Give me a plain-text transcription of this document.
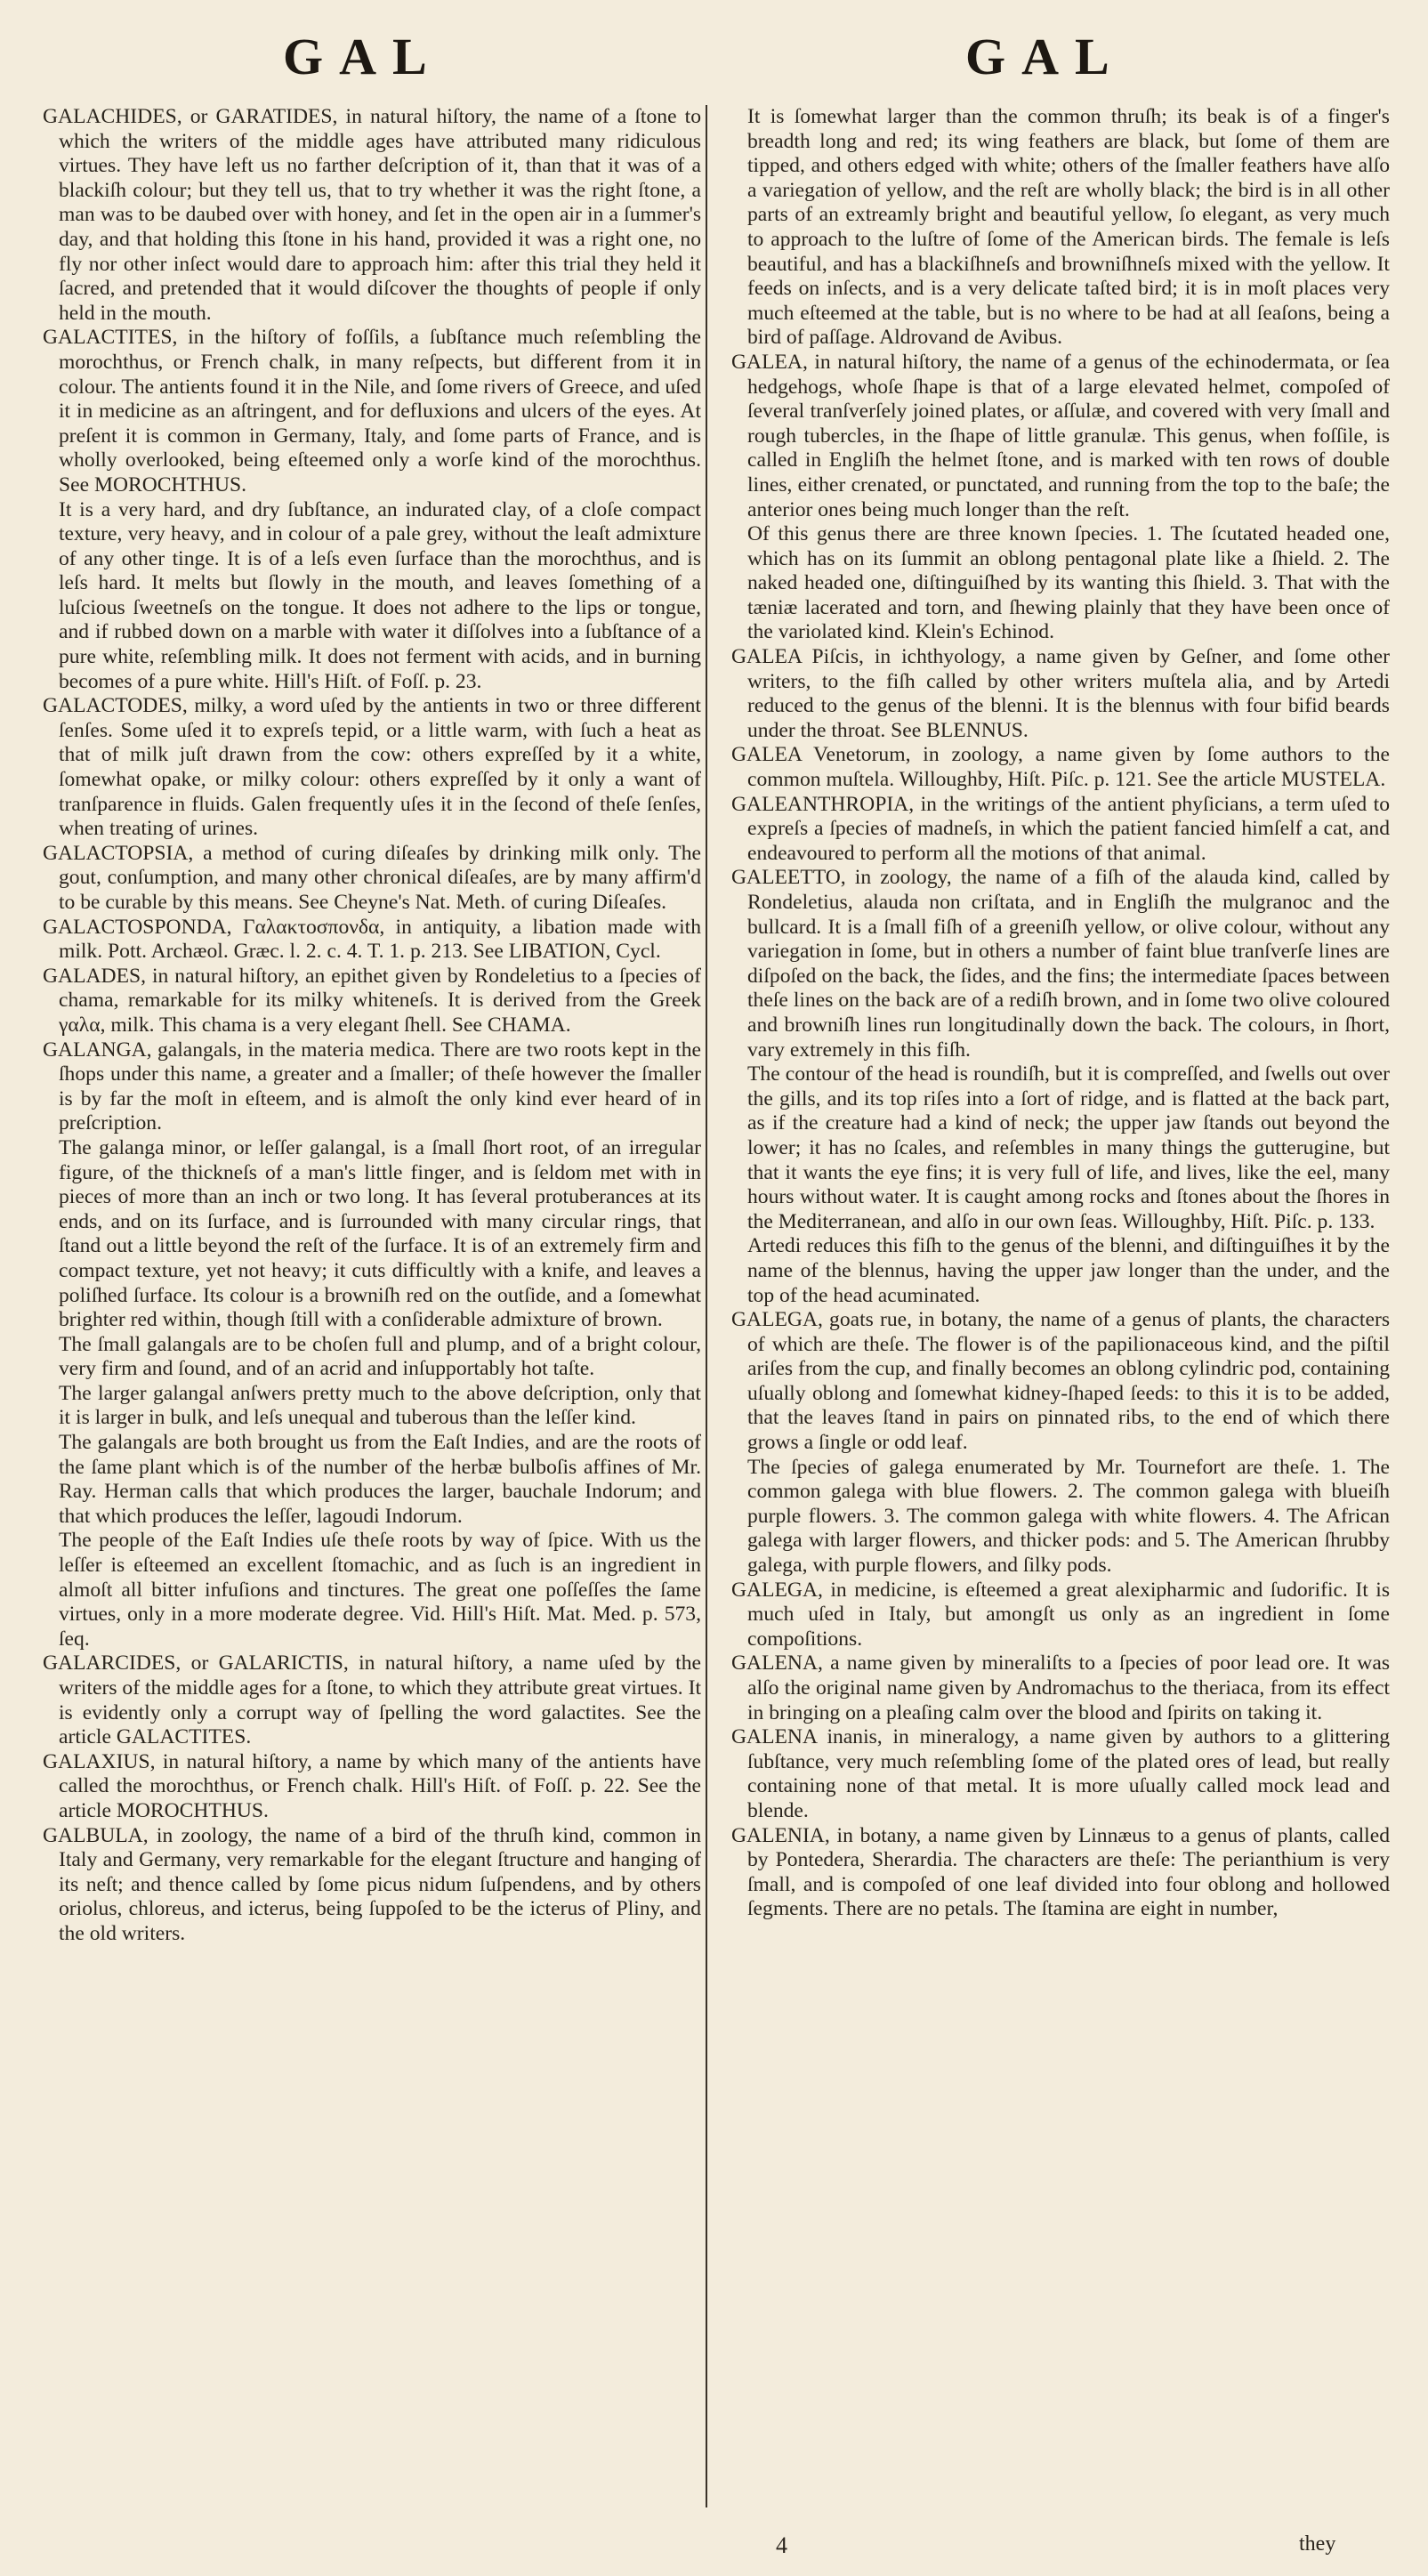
GAL	GAL

GALACHIDES, or GARATIDES, in natural hiſtory, the name of a ſtone to which the writers of the middle ages have attributed many ridiculous virtues. They have left us no farther deſcription of it, than that it was of a blackiſh colour; but they tell us, that to try whether it was the right ſtone, a man was to be daubed over with honey, and ſet in the open air in a ſummer's day, and that holding this ſtone in his hand, provided it was a right one, no fly nor other inſect would dare to approach him: after this trial they held it ſacred, and pretended that it would diſcover the thoughts of people if only held in the mouth.

GALACTITES, in the hiſtory of foſſils, a ſubſtance much reſembling the morochthus, or French chalk, in many reſpects, but different from it in colour. The antients found it in the Nile, and ſome rivers of Greece, and uſed it in medicine as an aſtringent, and for defluxions and ulcers of the eyes. At preſent it is common in Germany, Italy, and ſome parts of France, and is wholly overlooked, being eſteemed only a worſe kind of the morochthus. See MOROCHTHUS.

It is a very hard, and dry ſubſtance, an indurated clay, of a cloſe compact texture, very heavy, and in colour of a pale grey, without the leaſt admixture of any other tinge. It is of a leſs even ſurface than the morochthus, and is leſs hard. It melts but ſlowly in the mouth, and leaves ſomething of a luſcious ſweetneſs on the tongue. It does not adhere to the lips or tongue, and if rubbed down on a marble with water it diſſolves into a ſubſtance of a pure white, reſembling milk. It does not ferment with acids, and in burning becomes of a pure white. Hill's Hiſt. of Foſſ. p. 23.

GALACTODES, milky, a word uſed by the antients in two or three different ſenſes. Some uſed it to expreſs tepid, or a little warm, with ſuch a heat as that of milk juſt drawn from the cow: others expreſſed by it a white, ſomewhat opake, or milky colour: others expreſſed by it only a want of tranſparence in fluids. Galen frequently uſes it in the ſecond of theſe ſenſes, when treating of urines.

GALACTOPSIA, a method of curing diſeaſes by drinking milk only. The gout, conſumption, and many other chronical diſeaſes, are by many affirm'd to be curable by this means. See Cheyne's Nat. Meth. of curing Diſeaſes.

GALACTOSPONDA, Γαλακτοσπονδα, in antiquity, a libation made with milk. Pott. Archæol. Græc. l. 2. c. 4. T. 1. p. 213. See LIBATION, Cycl.

GALADES, in natural hiſtory, an epithet given by Rondeletius to a ſpecies of chama, remarkable for its milky whiteneſs. It is derived from the Greek γαλα, milk. This chama is a very elegant ſhell. See CHAMA.

GALANGA, galangals, in the materia medica. There are two roots kept in the ſhops under this name, a greater and a ſmaller; of theſe however the ſmaller is by far the moſt in eſteem, and is almoſt the only kind ever heard of in preſcription.

The galanga minor, or leſſer galangal, is a ſmall ſhort root, of an irregular figure, of the thickneſs of a man's little finger, and is ſeldom met with in pieces of more than an inch or two long. It has ſeveral protuberances at its ends, and on its ſurface, and is ſurrounded with many circular rings, that ſtand out a little beyond the reſt of the ſurface. It is of an extremely firm and compact texture, yet not heavy; it cuts difficultly with a knife, and leaves a poliſhed ſurface. Its colour is a browniſh red on the outſide, and a ſomewhat brighter red within, though ſtill with a conſiderable admixture of brown.

The ſmall galangals are to be choſen full and plump, and of a bright colour, very firm and ſound, and of an acrid and inſupportably hot taſte.

The larger galangal anſwers pretty much to the above deſcription, only that it is larger in bulk, and leſs unequal and tuberous than the leſſer kind.

The galangals are both brought us from the Eaſt Indies, and are the roots of the ſame plant which is of the number of the herbæ bulboſis affines of Mr. Ray. Herman calls that which produces the larger, bauchale Indorum; and that which produces the leſſer, lagoudi Indorum.

The people of the Eaſt Indies uſe theſe roots by way of ſpice. With us the leſſer is eſteemed an excellent ſtomachic, and as ſuch is an ingredient in almoſt all bitter infuſions and tinctures. The great one poſſeſſes the ſame virtues, only in a more moderate degree. Vid. Hill's Hiſt. Mat. Med. p. 573, ſeq.

GALARCIDES, or GALARICTIS, in natural hiſtory, a name uſed by the writers of the middle ages for a ſtone, to which they attribute great virtues. It is evidently only a corrupt way of ſpelling the word galactites. See the article GALACTITES.

GALAXIUS, in natural hiſtory, a name by which many of the antients have called the morochthus, or French chalk. Hill's Hiſt. of Foſſ. p. 22. See the article MOROCHTHUS.

GALBULA, in zoology, the name of a bird of the thruſh kind, common in Italy and Germany, very remarkable for the elegant ſtructure and hanging of its neſt; and thence called by ſome picus nidum ſuſpendens, and by others oriolus, chloreus, and icterus, being ſuppoſed to be the icterus of Pliny, and the old writers.

It is ſomewhat larger than the common thruſh; its beak is of a finger's breadth long and red; its wing feathers are black, but ſome of them are tipped, and others edged with white; others of the ſmaller feathers have alſo a variegation of yellow, and the reſt are wholly black; the bird is in all other parts of an extreamly bright and beautiful yellow, ſo elegant, as very much to approach to the luſtre of ſome of the American birds. The female is leſs beautiful, and has a blackiſhneſs and browniſhneſs mixed with the yellow. It feeds on inſects, and is a very delicate taſted bird; it is in moſt places very much eſteemed at the table, but is no where to be had at all ſeaſons, being a bird of paſſage. Aldrovand de Avibus.

GALEA, in natural hiſtory, the name of a genus of the echinodermata, or ſea hedgehogs, whoſe ſhape is that of a large elevated helmet, compoſed of ſeveral tranſverſely joined plates, or aſſulæ, and covered with very ſmall and rough tubercles, in the ſhape of little granulæ. This genus, when foſſile, is called in Engliſh the helmet ſtone, and is marked with ten rows of double lines, either crenated, or punctated, and running from the top to the baſe; the anterior ones being much longer than the reſt.

Of this genus there are three known ſpecies. 1. The ſcutated headed one, which has on its ſummit an oblong pentagonal plate like a ſhield. 2. The naked headed one, diſtinguiſhed by its wanting this ſhield. 3. That with the tæniæ lacerated and torn, and ſhewing plainly that they have been once of the variolated kind. Klein's Echinod.

GALEA Piſcis, in ichthyology, a name given by Geſner, and ſome other writers, to the fiſh called by other writers muſtela alia, and by Artedi reduced to the genus of the blenni. It is the blennus with four bifid beards under the throat. See BLENNUS.

GALEA Venetorum, in zoology, a name given by ſome authors to the common muſtela. Willoughby, Hiſt. Piſc. p. 121. See the article MUSTELA.

GALEANTHROPIA, in the writings of the antient phyſicians, a term uſed to expreſs a ſpecies of madneſs, in which the patient fancied himſelf a cat, and endeavoured to perform all the motions of that animal.

GALEETTO, in zoology, the name of a fiſh of the alauda kind, called by Rondeletius, alauda non criſtata, and in Engliſh the mulgranoc and the bullcard. It is a ſmall fiſh of a greeniſh yellow, or olive colour, without any variegation in ſome, but in others a number of faint blue tranſverſe lines are diſpoſed on the back, the ſides, and the fins; the intermediate ſpaces between theſe lines on the back are of a rediſh brown, and in ſome two olive coloured and browniſh lines run longitudinally down the back. The colours, in ſhort, vary extremely in this fiſh.

The contour of the head is roundiſh, but it is compreſſed, and ſwells out over the gills, and its top riſes into a ſort of ridge, and is flatted at the back part, as if the creature had a kind of neck; the upper jaw ſtands out beyond the lower; it has no ſcales, and reſembles in many things the gutterugine, but that it wants the eye fins; it is very full of life, and lives, like the eel, many hours without water. It is caught among rocks and ſtones about the ſhores in the Mediterranean, and alſo in our own ſeas. Willoughby, Hiſt. Piſc. p. 133.

Artedi reduces this fiſh to the genus of the blenni, and diſtinguiſhes it by the name of the blennus, having the upper jaw longer than the under, and the top of the head acuminated.

GALEGA, goats rue, in botany, the name of a genus of plants, the characters of which are theſe. The flower is of the papilionaceous kind, and the piſtil ariſes from the cup, and finally becomes an oblong cylindric pod, containing uſually oblong and ſomewhat kidney-ſhaped ſeeds: to this it is to be added, that the leaves ſtand in pairs on pinnated ribs, to the end of which there grows a ſingle or odd leaf.

The ſpecies of galega enumerated by Mr. Tournefort are theſe. 1. The common galega with blue flowers. 2. The common galega with blueiſh purple flowers. 3. The common galega with white flowers. 4. The African galega with larger flowers, and thicker pods: and 5. The American ſhrubby galega, with purple flowers, and ſilky pods.

GALEGA, in medicine, is eſteemed a great alexipharmic and ſudorific. It is much uſed in Italy, but amongſt us only as an ingredient in ſome compoſitions.

GALENA, a name given by mineraliſts to a ſpecies of poor lead ore. It was alſo the original name given by Andromachus to the theriaca, from its effect in bringing on a pleaſing calm over the blood and ſpirits on taking it.

GALENA inanis, in mineralogy, a name given by authors to a glittering ſubſtance, very much reſembling ſome of the plated ores of lead, but really containing none of that metal. It is more uſually called mock lead and blende.

GALENIA, in botany, a name given by Linnæus to a genus of plants, called by Pontedera, Sherardia. The characters are theſe: The perianthium is very ſmall, and is compoſed of one leaf divided into four oblong and hollowed ſegments. There are no petals. The ſtamina are eight in number,

4	they
